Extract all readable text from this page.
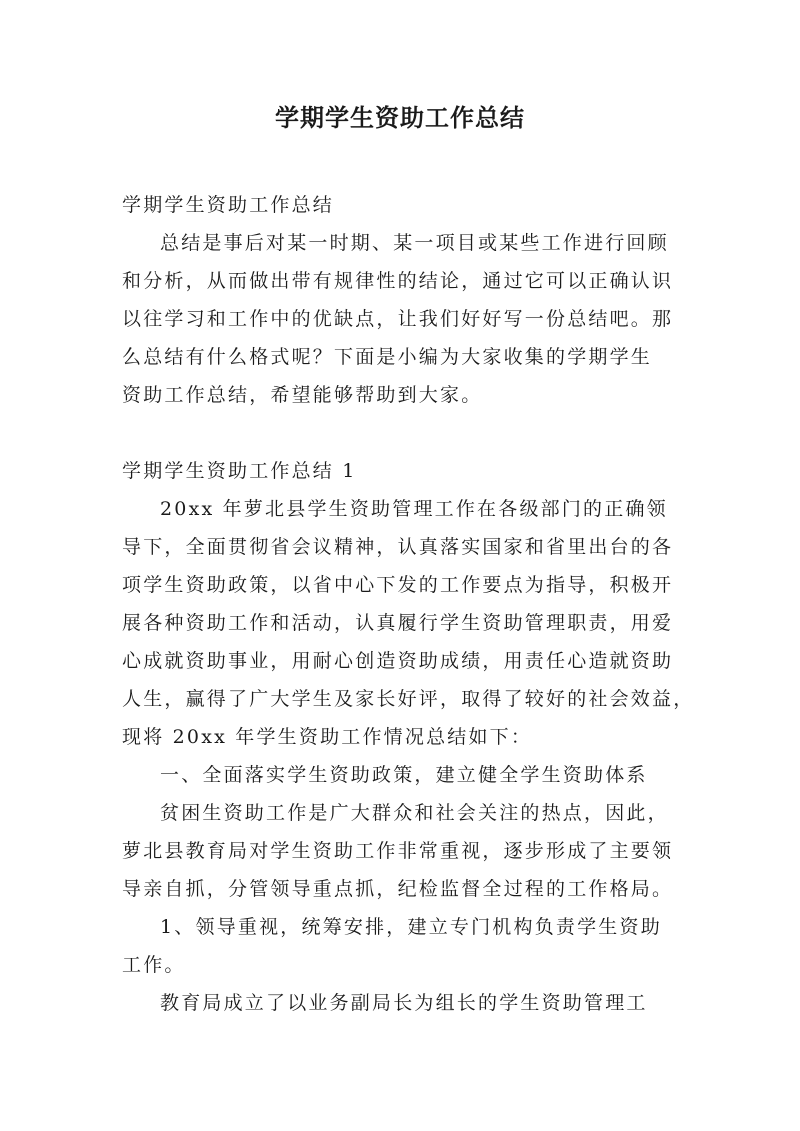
学期学生资助工作总结

学期学生资助工作总结

总结是事后对某一时期、某一项目或某些工作进行回顾

和分析，从而做出带有规律性的结论，通过它可以正确认识

以往学习和工作中的优缺点，让我们好好写一份总结吧。那

么总结有什么格式呢？下面是小编为大家收集的学期学生

资助工作总结，希望能够帮助到大家。

学期学生资助工作总结 1

20xx 年萝北县学生资助管理工作在各级部门的正确领

导下，全面贯彻省会议精神，认真落实国家和省里出台的各

项学生资助政策，以省中心下发的工作要点为指导，积极开

展各种资助工作和活动，认真履行学生资助管理职责，用爱

心成就资助事业，用耐心创造资助成绩，用责任心造就资助

人生，赢得了广大学生及家长好评，取得了较好的社会效益，

现将 20xx 年学生资助工作情况总结如下：

一、全面落实学生资助政策，建立健全学生资助体系

贫困生资助工作是广大群众和社会关注的热点，因此，

萝北县教育局对学生资助工作非常重视，逐步形成了主要领

导亲自抓，分管领导重点抓，纪检监督全过程的工作格局。

1、领导重视，统筹安排，建立专门机构负责学生资助

工作。

教育局成立了以业务副局长为组长的学生资助管理工
